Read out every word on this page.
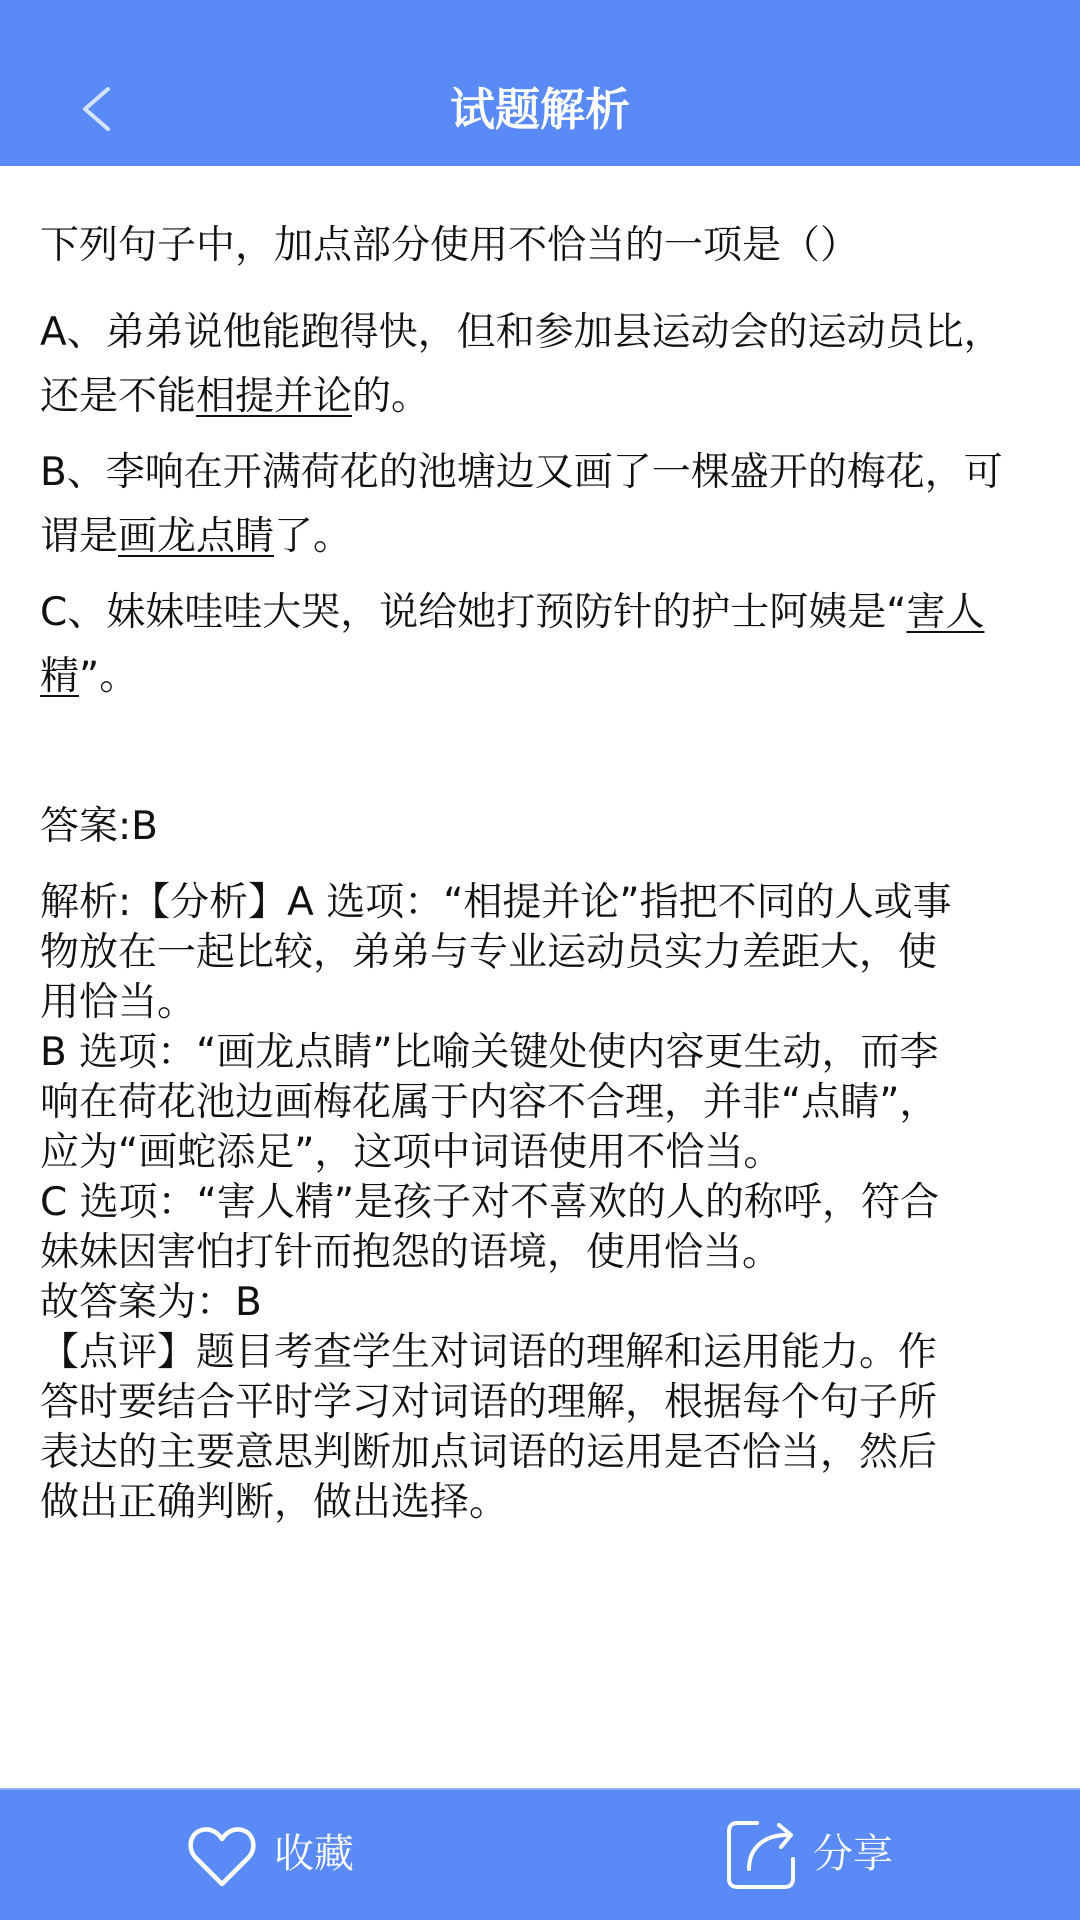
试题解析
下列句子中，加点部分使用不恰当的一项是（）
A、弟弟说他能跑得快，但和参加县运动会的运动员比，
还是不能相提并论的。
B、李响在开满荷花的池塘边又画了一棵盛开的梅花，可
谓是画龙点睛了。
C、妹妹哇哇大哭，说给她打预防针的护士阿姨是“害人
精”。
答案:B
解析:【分析】A 选项：“相提并论”指把不同的人或事
物放在一起比较，弟弟与专业运动员实力差距大，使
用恰当。
B 选项：“画龙点睛”比喻关键处使内容更生动，而李
响在荷花池边画梅花属于内容不合理，并非“点睛”，
应为“画蛇添足”，这项中词语使用不恰当。
C 选项：“害人精”是孩子对不喜欢的人的称呼，符合
妹妹因害怕打针而抱怨的语境，使用恰当。
故答案为：B
【点评】题目考查学生对词语的理解和运用能力。作
答时要结合平时学习对词语的理解，根据每个句子所
表达的主要意思判断加点词语的运用是否恰当，然后
做出正确判断，做出选择。
收藏	分享
